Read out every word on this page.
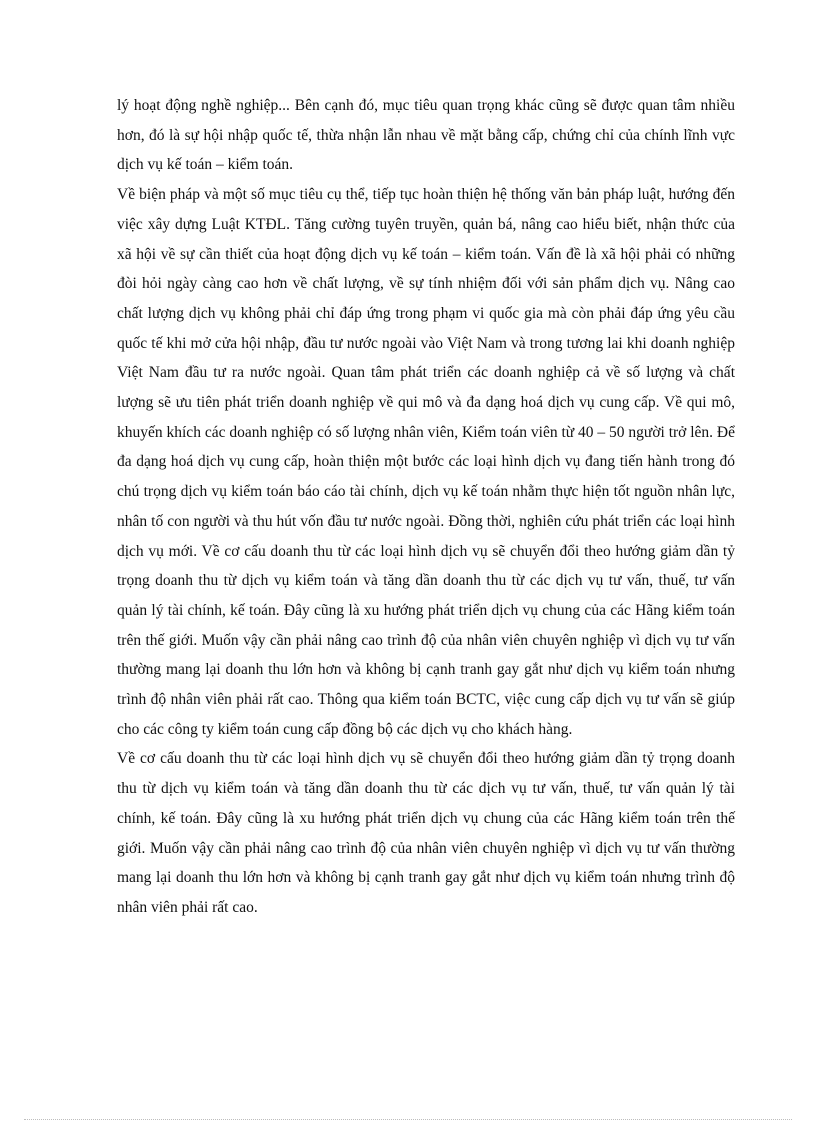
lý hoạt động nghề nghiệp... Bên cạnh đó, mục tiêu quan trọng khác cũng sẽ được quan tâm nhiều hơn, đó là sự hội nhập quốc tế, thừa nhận lẫn nhau về mặt bằng cấp, chứng chỉ của chính lĩnh vực dịch vụ kế toán – kiểm toán.

Về biện pháp và một số mục tiêu cụ thể, tiếp tục hoàn thiện hệ thống văn bản pháp luật, hướng đến việc xây dựng Luật KTĐL. Tăng cường tuyên truyền, quản bá, nâng cao hiểu biết, nhận thức của xã hội về sự cần thiết của hoạt động dịch vụ kế toán – kiểm toán. Vấn đề là xã hội phải có những đòi hỏi ngày càng cao hơn về chất lượng, về sự tính nhiệm đối với sản phẩm dịch vụ. Nâng cao chất lượng dịch vụ không phải chỉ đáp ứng trong phạm vi quốc gia mà còn phải đáp ứng yêu cầu quốc tế khi mở cửa hội nhập, đầu tư nước ngoài vào Việt Nam và trong tương lai khi doanh nghiệp Việt Nam đầu tư ra nước ngoài. Quan tâm phát triển các doanh nghiệp cả về số lượng và chất lượng sẽ ưu tiên phát triển doanh nghiệp về qui mô và đa dạng hoá dịch vụ cung cấp. Về qui mô, khuyến khích các doanh nghiệp có số lượng nhân viên, Kiểm toán viên từ 40 – 50 người trở lên. Để đa dạng hoá dịch vụ cung cấp, hoàn thiện một bước các loại hình dịch vụ đang tiến hành trong đó chú trọng dịch vụ kiểm toán báo cáo tài chính, dịch vụ kế toán nhằm thực hiện tốt nguồn nhân lực, nhân tố con người và thu hút vốn đầu tư nước ngoài. Đồng thời, nghiên cứu phát triển các loại hình dịch vụ mới. Về cơ cấu doanh thu từ các loại hình dịch vụ sẽ chuyển đổi theo hướng giảm dần tỷ trọng doanh thu từ dịch vụ kiểm toán và tăng dần doanh thu từ các dịch vụ tư vấn, thuế, tư vấn quản lý tài chính, kế toán. Đây cũng là xu hướng phát triển dịch vụ chung của các Hãng kiểm toán trên thế giới. Muốn vậy cần phải nâng cao trình độ của nhân viên chuyên nghiệp vì dịch vụ tư vấn thường mang lại doanh thu lớn hơn và không bị cạnh tranh gay gắt như dịch vụ kiểm toán nhưng trình độ nhân viên phải rất cao. Thông qua kiểm toán BCTC, việc cung cấp dịch vụ tư vấn sẽ giúp cho các công ty kiểm toán cung cấp đồng bộ các dịch vụ cho khách hàng.

Về cơ cấu doanh thu từ các loại hình dịch vụ sẽ chuyển đổi theo hướng giảm dần tỷ trọng doanh thu từ dịch vụ kiểm toán và tăng dần doanh thu từ các dịch vụ tư vấn, thuế, tư vấn quản lý tài chính, kế toán. Đây cũng là xu hướng phát triển dịch vụ chung của các Hãng kiểm toán trên thế giới. Muốn vậy cần phải nâng cao trình độ của nhân viên chuyên nghiệp vì dịch vụ tư vấn thường mang lại doanh thu lớn hơn và không bị cạnh tranh gay gắt như dịch vụ kiểm toán nhưng trình độ nhân viên phải rất cao.
